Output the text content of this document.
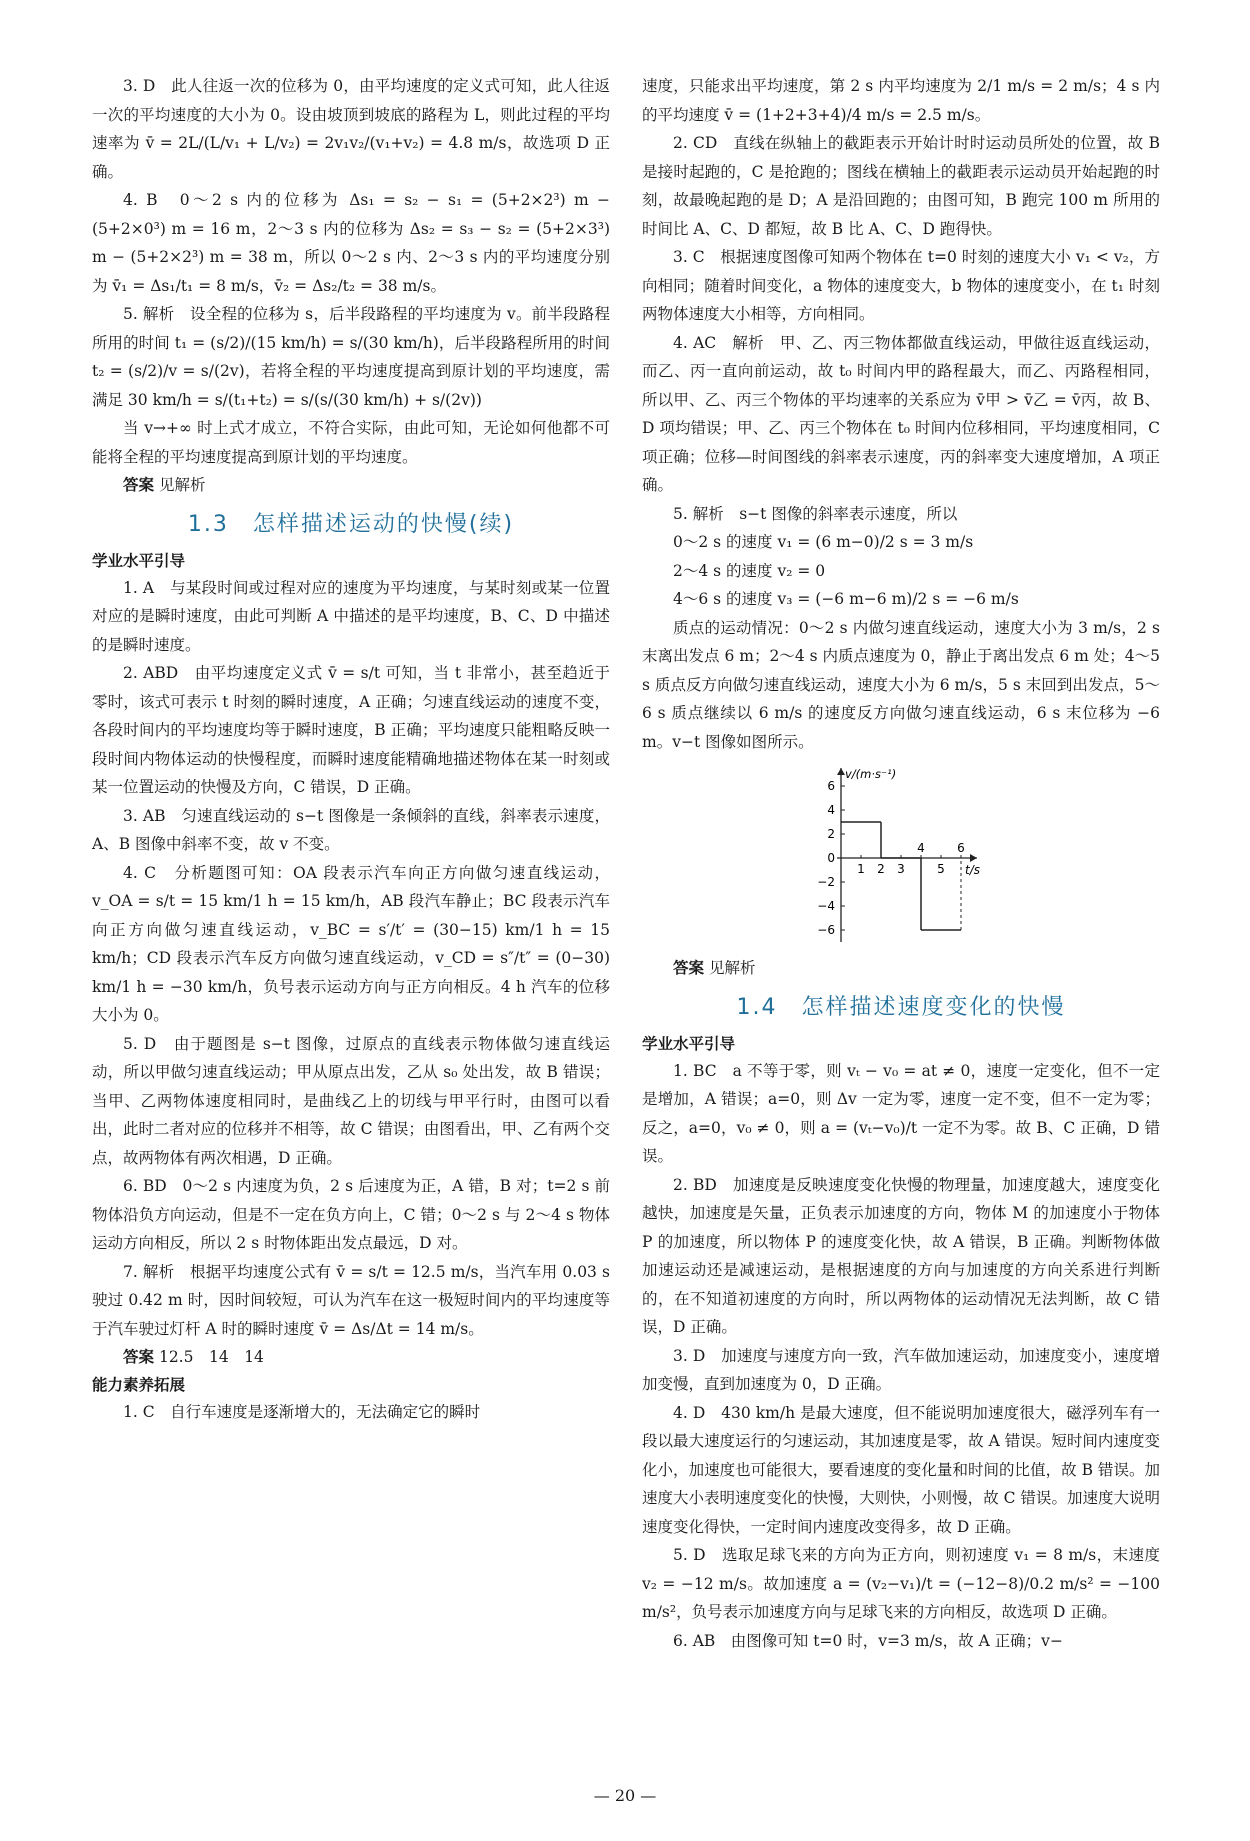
3. D　此人往返一次的位移为 0，由平均速度的定义式可知，此人往返一次的平均速度的大小为 0。设由坡顶到坡底的路程为 L，则此过程的平均速率为 v̄ = 2L/(L/v₁ + L/v₂) = 2v₁v₂/(v₁+v₂) = 4.8 m/s，故选项 D 正确。

4. B　0～2 s 内的位移为 Δs₁ = s₂ − s₁ = (5+2×2³) m − (5+2×0³) m = 16 m，2～3 s 内的位移为 Δs₂ = s₃ − s₂ = (5+2×3³) m − (5+2×2³) m = 38 m，所以 0～2 s 内、2～3 s 内的平均速度分别为 v̄₁ = Δs₁/t₁ = 8 m/s，v̄₂ = Δs₂/t₂ = 38 m/s。

5. 解析　设全程的位移为 s，后半段路程的平均速度为 v。前半段路程所用的时间 t₁ = (s/2)/(15 km/h) = s/(30 km/h)，后半段路程所用的时间 t₂ = (s/2)/v = s/(2v)，若将全程的平均速度提高到原计划的平均速度，需满足 30 km/h = s/(t₁+t₂) = s/(s/(30 km/h) + s/(2v))

当 v→+∞ 时上式才成立，不符合实际，由此可知，无论如何他都不可能将全程的平均速度提高到原计划的平均速度。

答案 见解析

1.3　怎样描述运动的快慢(续)

学业水平引导

1. A　与某段时间或过程对应的速度为平均速度，与某时刻或某一位置对应的是瞬时速度，由此可判断 A 中描述的是平均速度，B、C、D 中描述的是瞬时速度。

2. ABD　由平均速度定义式 v̄ = s/t 可知，当 t 非常小，甚至趋近于零时，该式可表示 t 时刻的瞬时速度，A 正确；匀速直线运动的速度不变，各段时间内的平均速度均等于瞬时速度，B 正确；平均速度只能粗略反映一段时间内物体运动的快慢程度，而瞬时速度能精确地描述物体在某一时刻或某一位置运动的快慢及方向，C 错误，D 正确。

3. AB　匀速直线运动的 s−t 图像是一条倾斜的直线，斜率表示速度，A、B 图像中斜率不变，故 v 不变。

4. C　分析题图可知：OA 段表示汽车向正方向做匀速直线运动，v_OA = s/t = 15 km/1 h = 15 km/h，AB 段汽车静止；BC 段表示汽车向正方向做匀速直线运动，v_BC = s′/t′ = (30−15) km/1 h = 15 km/h；CD 段表示汽车反方向做匀速直线运动，v_CD = s″/t″ = (0−30) km/1 h = −30 km/h，负号表示运动方向与正方向相反。4 h 汽车的位移大小为 0。

5. D　由于题图是 s−t 图像，过原点的直线表示物体做匀速直线运动，所以甲做匀速直线运动；甲从原点出发，乙从 s₀ 处出发，故 B 错误；当甲、乙两物体速度相同时，是曲线乙上的切线与甲平行时，由图可以看出，此时二者对应的位移并不相等，故 C 错误；由图看出，甲、乙有两个交点，故两物体有两次相遇，D 正确。

6. BD　0～2 s 内速度为负，2 s 后速度为正，A 错，B 对；t=2 s 前物体沿负方向运动，但是不一定在负方向上，C 错；0～2 s 与 2～4 s 物体运动方向相反，所以 2 s 时物体距出发点最远，D 对。

7. 解析　根据平均速度公式有 v̄ = s/t = 12.5 m/s，当汽车用 0.03 s 驶过 0.42 m 时，因时间较短，可认为汽车在这一极短时间内的平均速度等于汽车驶过灯杆 A 时的瞬时速度 v̄ = Δs/Δt = 14 m/s。

答案 12.5　14　14

能力素养拓展

1. C　自行车速度是逐渐增大的，无法确定它的瞬时

速度，只能求出平均速度，第 2 s 内平均速度为 2/1 m/s = 2 m/s；4 s 内的平均速度 v̄ = (1+2+3+4)/4 m/s = 2.5 m/s。

2. CD　直线在纵轴上的截距表示开始计时时运动员所处的位置，故 B 是接时起跑的，C 是抢跑的；图线在横轴上的截距表示运动员开始起跑的时刻，故最晚起跑的是 D；A 是沿回跑的；由图可知，B 跑完 100 m 所用的时间比 A、C、D 都短，故 B 比 A、C、D 跑得快。

3. C　根据速度图像可知两个物体在 t=0 时刻的速度大小 v₁ < v₂，方向相同；随着时间变化，a 物体的速度变大，b 物体的速度变小，在 t₁ 时刻两物体速度大小相等，方向相同。

4. AC　解析　甲、乙、丙三物体都做直线运动，甲做往返直线运动，而乙、丙一直向前运动，故 t₀ 时间内甲的路程最大，而乙、丙路程相同，所以甲、乙、丙三个物体的平均速率的关系应为 v̄甲 > v̄乙 = v̄丙，故 B、D 项均错误；甲、乙、丙三个物体在 t₀ 时间内位移相同，平均速度相同，C 项正确；位移—时间图线的斜率表示速度，丙的斜率变大速度增加，A 项正确。

5. 解析　s−t 图像的斜率表示速度，所以

0～2 s 的速度 v₁ = (6 m−0)/2 s = 3 m/s

2～4 s 的速度 v₂ = 0

4～6 s 的速度 v₃ = (−6 m−6 m)/2 s = −6 m/s

质点的运动情况：0～2 s 内做匀速直线运动，速度大小为 3 m/s，2 s 末离出发点 6 m；2～4 s 内质点速度为 0，静止于离出发点 6 m 处；4～5 s 质点反方向做匀速直线运动，速度大小为 6 m/s，5 s 末回到出发点，5～6 s 质点继续以 6 m/s 的速度反方向做匀速直线运动，6 s 末位移为 −6 m。v−t 图像如图所示。

6
4
2
0
−2
−4
−6
1 2 3
4
5
6
v/(m·s⁻¹)
t/s

答案 见解析

1.4　怎样描述速度变化的快慢

学业水平引导

1. BC　a 不等于零，则 vₜ − v₀ = at ≠ 0，速度一定变化，但不一定是增加，A 错误；a=0，则 Δv 一定为零，速度一定不变，但不一定为零；反之，a=0，v₀ ≠ 0，则 a = (vₜ−v₀)/t 一定不为零。故 B、C 正确，D 错误。

2. BD　加速度是反映速度变化快慢的物理量，加速度越大，速度变化越快，加速度是矢量，正负表示加速度的方向，物体 M 的加速度小于物体 P 的加速度，所以物体 P 的速度变化快，故 A 错误，B 正确。判断物体做加速运动还是减速运动，是根据速度的方向与加速度的方向关系进行判断的，在不知道初速度的方向时，所以两物体的运动情况无法判断，故 C 错误，D 正确。

3. D　加速度与速度方向一致，汽车做加速运动，加速度变小，速度增加变慢，直到加速度为 0，D 正确。

4. D　430 km/h 是最大速度，但不能说明加速度很大，磁浮列车有一段以最大速度运行的匀速运动，其加速度是零，故 A 错误。短时间内速度变化小，加速度也可能很大，要看速度的变化量和时间的比值，故 B 错误。加速度大小表明速度变化的快慢，大则快，小则慢，故 C 错误。加速度大说明速度变化得快，一定时间内速度改变得多，故 D 正确。

5. D　选取足球飞来的方向为正方向，则初速度 v₁ = 8 m/s，末速度 v₂ = −12 m/s。故加速度 a = (v₂−v₁)/t = (−12−8)/0.2 m/s² = −100 m/s²，负号表示加速度方向与足球飞来的方向相反，故选项 D 正确。

6. AB　由图像可知 t=0 时，v=3 m/s，故 A 正确；v−

— 20 —
